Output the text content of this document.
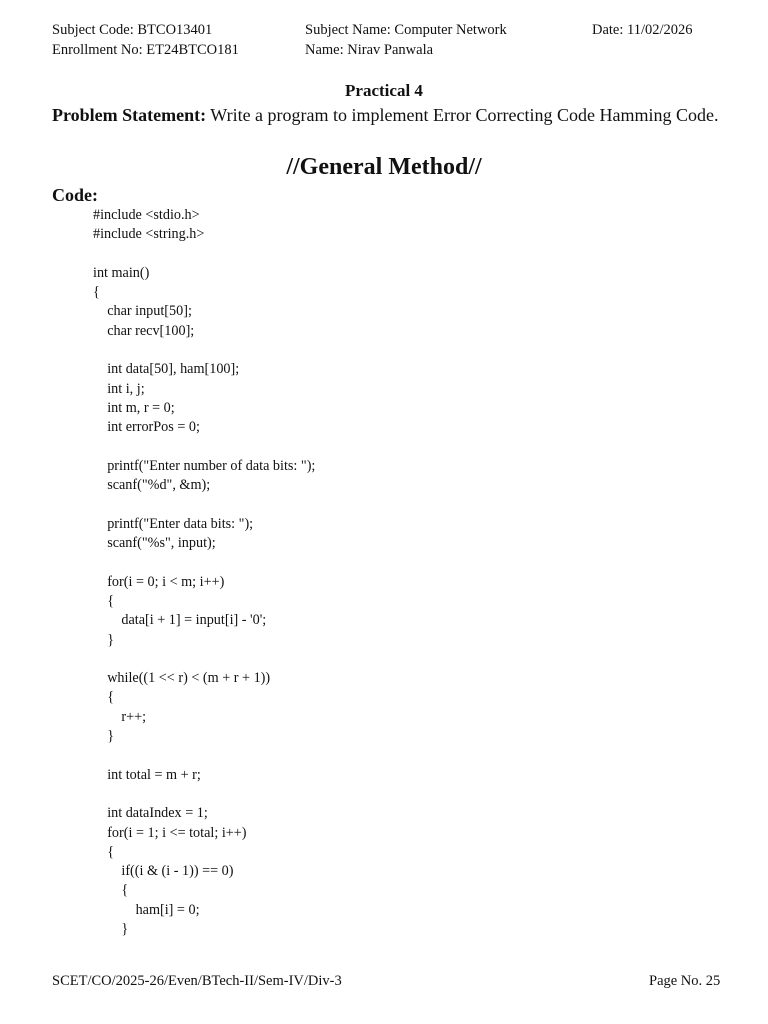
Subject Code: BTCO13401	Subject Name: Computer Network	Date: 11/02/2026
Enrollment No: ET24BTCO181	Name: Nirav Panwala
Practical 4
Problem Statement: Write a program to implement Error Correcting Code Hamming Code.
//General Method//
Code:
#include <stdio.h>
#include <string.h>
int main()
{
char input[50];
char recv[100];
int data[50], ham[100];
int i, j;
int m, r = 0;
int errorPos = 0;
printf("Enter number of data bits: ");
scanf("%d", &m);
printf("Enter data bits: ");
scanf("%s", input);
for(i = 0; i < m; i++)
{
data[i + 1] = input[i] - '0';
}
while((1 << r) < (m + r + 1))
{
r++;
}
int total = m + r;
int dataIndex = 1;
for(i = 1; i <= total; i++)
{
if((i & (i - 1)) == 0)
{
ham[i] = 0;
}
SCET/CO/2025-26/Even/BTech-II/Sem-IV/Div-3	Page No. 25
